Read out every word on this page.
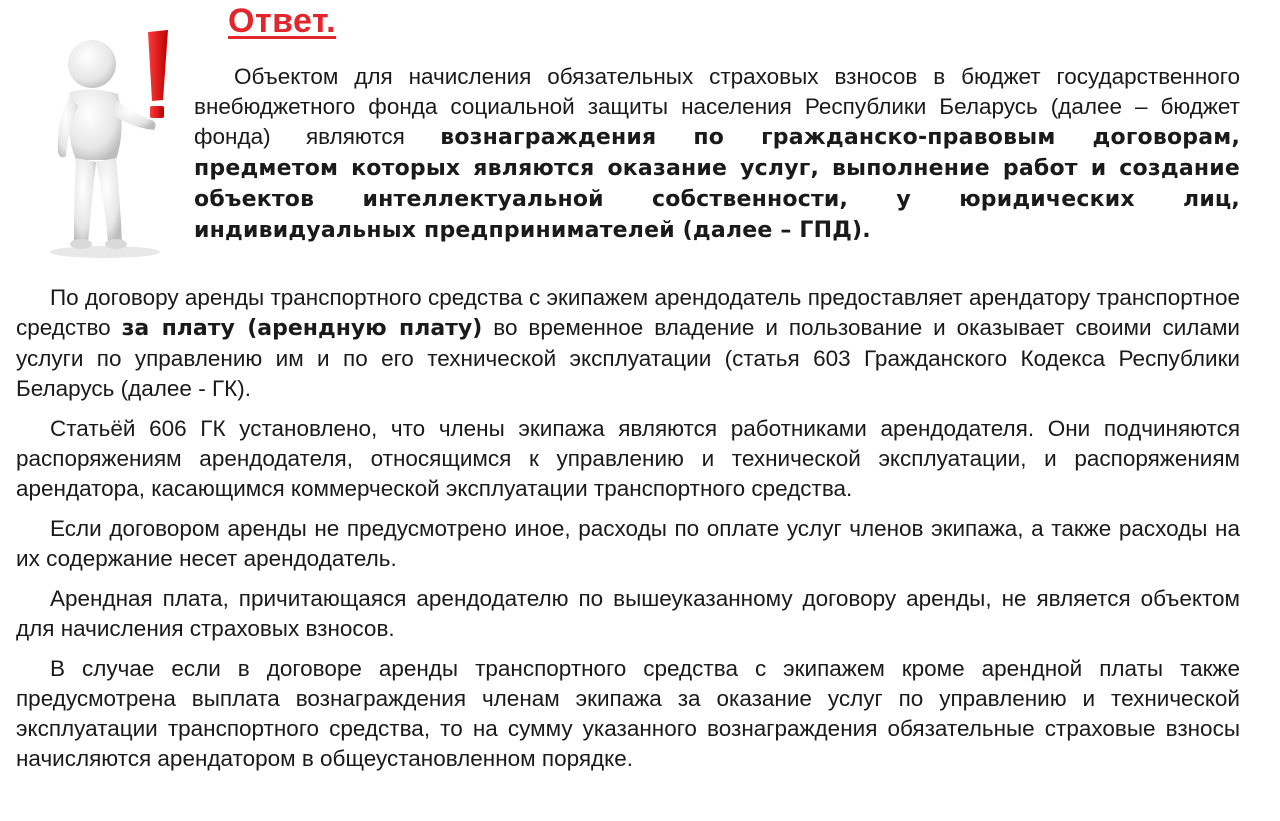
Ответ.

Объектом для начисления обязательных страховых взносов в бюджет государственного внебюджетного фонда социальной защиты населения Республики Беларусь (далее – бюджет фонда) являются вознаграждения по гражданско-правовым договорам, предметом которых являются оказание услуг, выполнение работ и создание объектов интеллектуальной собственности, у юридических лиц, индивидуальных предпринимателей (далее – ГПД).

По договору аренды транспортного средства с экипажем арендодатель предоставляет арендатору транспортное средство за плату (арендную плату) во временное владение и пользование и оказывает своими силами услуги по управлению им и по его технической эксплуатации (статья 603 Гражданского Кодекса Республики Беларусь (далее - ГК).

Статьёй 606 ГК установлено, что члены экипажа являются работниками арендодателя. Они подчиняются распоряжениям арендодателя, относящимся к управлению и технической эксплуатации, и распоряжениям арендатора, касающимся коммерческой эксплуатации транспортного средства.

Если договором аренды не предусмотрено иное, расходы по оплате услуг членов экипажа, а также расходы на их содержание несет арендодатель.

Арендная плата, причитающаяся арендодателю по вышеуказанному договору аренды, не является объектом для начисления страховых взносов.

В случае если в договоре аренды транспортного средства с экипажем кроме арендной платы также предусмотрена выплата вознаграждения членам экипажа за оказание услуг по управлению и технической эксплуатации транспортного средства, то на сумму указанного вознаграждения обязательные страховые взносы начисляются арендатором в общеустановленном порядке.
